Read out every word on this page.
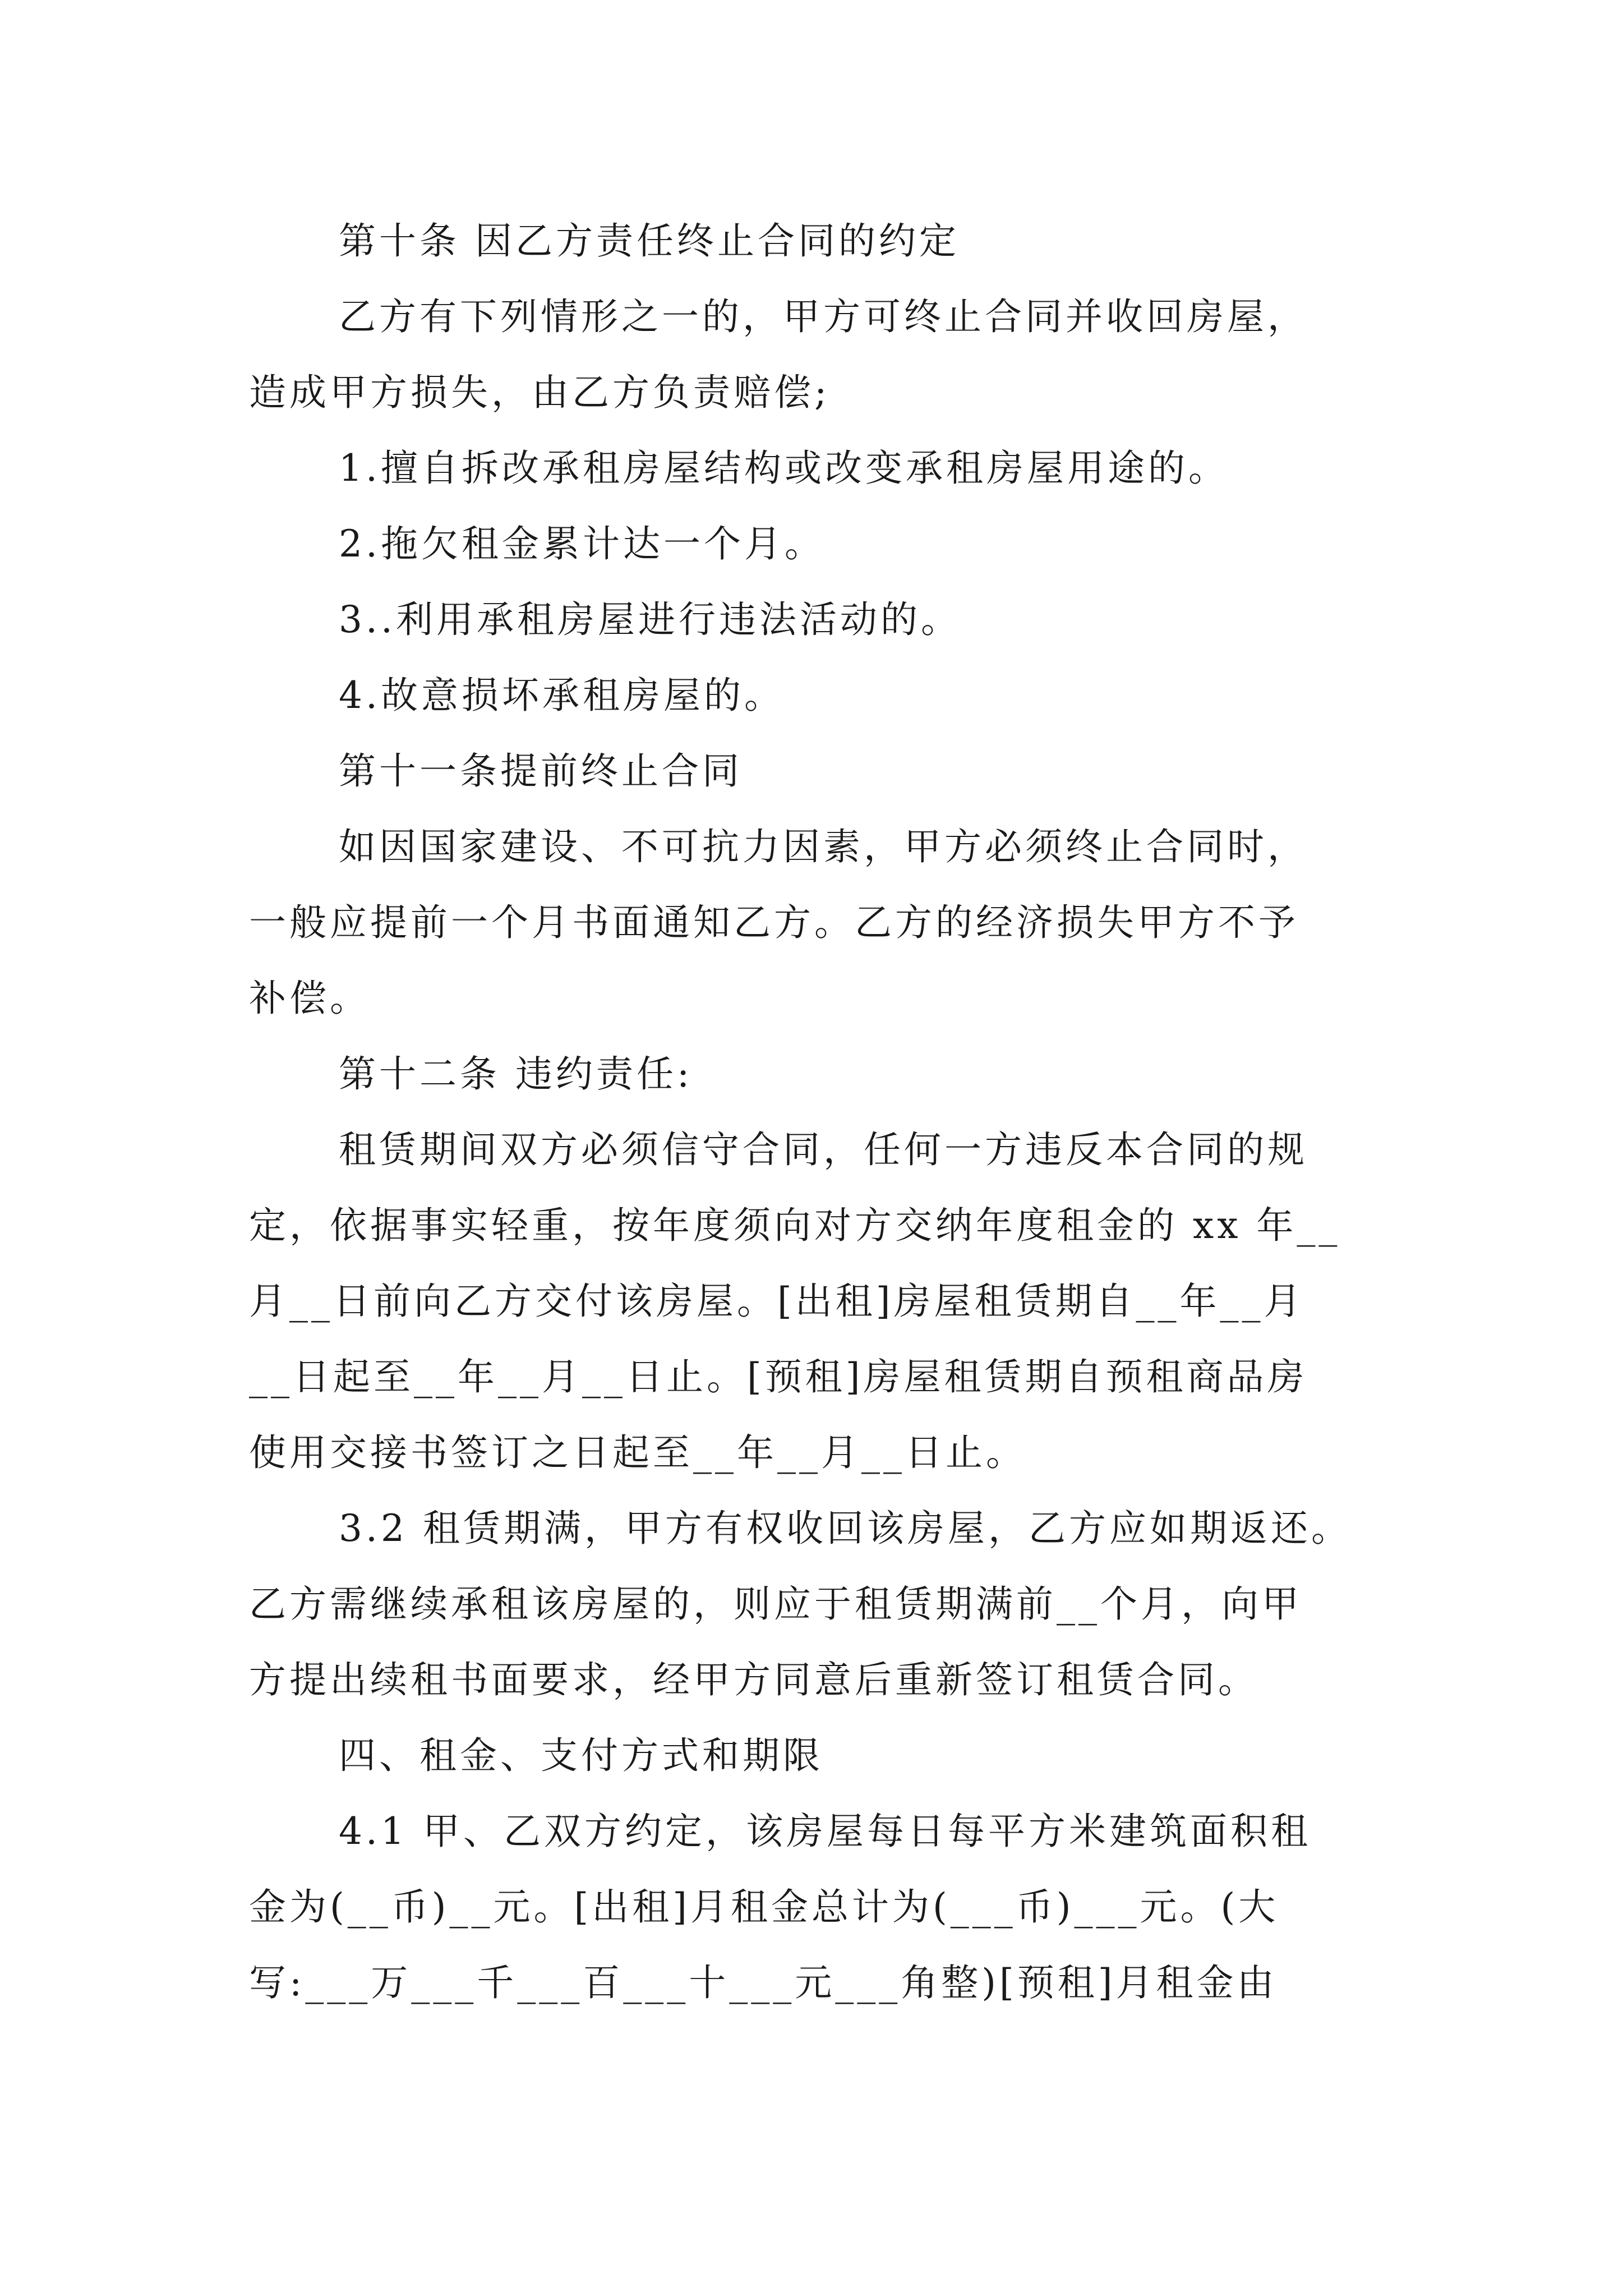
第十条 因乙方责任终止合同的约定
乙方有下列情形之一的，甲方可终止合同并收回房屋，
造成甲方损失，由乙方负责赔偿;
1.擅自拆改承租房屋结构或改变承租房屋用途的。
2.拖欠租金累计达一个月。
3..利用承租房屋进行违法活动的。
4.故意损坏承租房屋的。
第十一条提前终止合同
如因国家建设、不可抗力因素，甲方必须终止合同时，
一般应提前一个月书面通知乙方。乙方的经济损失甲方不予
补偿。
第十二条 违约责任:
租赁期间双方必须信守合同，任何一方违反本合同的规
定，依据事实轻重，按年度须向对方交纳年度租金的 xx 年__
月__日前向乙方交付该房屋。[出租]房屋租赁期自__年__月
__日起至__年__月__日止。[预租]房屋租赁期自预租商品房
使用交接书签订之日起至__年__月__日止。
3.2 租赁期满，甲方有权收回该房屋，乙方应如期返还。
乙方需继续承租该房屋的，则应于租赁期满前__个月，向甲
方提出续租书面要求，经甲方同意后重新签订租赁合同。
四、租金、支付方式和期限
4.1 甲、乙双方约定，该房屋每日每平方米建筑面积租
金为(__币)__元。[出租]月租金总计为(___币)___元。(大
写:___万___千___百___十___元___角整)[预租]月租金由
